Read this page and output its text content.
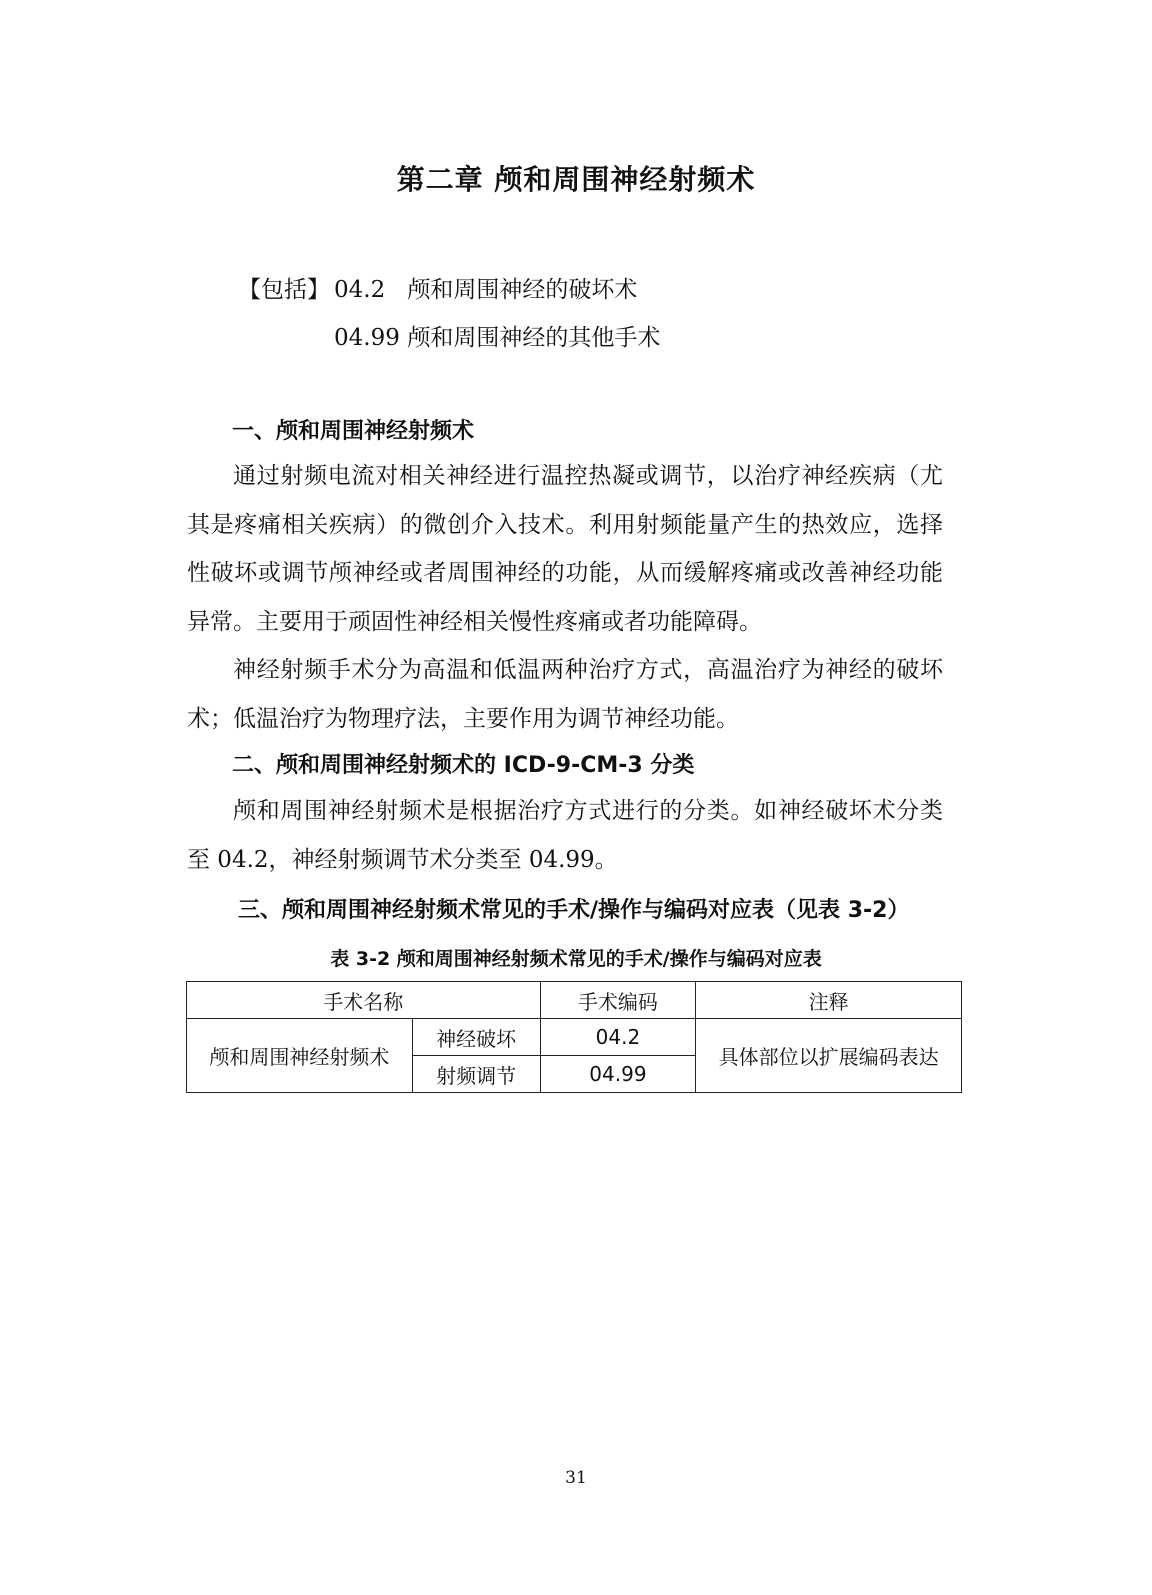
第二章 颅和周围神经射频术
【包括】 04.2 颅和周围神经的破坏术
04.99 颅和周围神经的其他手术
一、颅和周围神经射频术
通过射频电流对相关神经进行温控热凝或调节，以治疗神经疾病（尤其是疼痛相关疾病）的微创介入技术。利用射频能量产生的热效应，选择性破坏或调节颅神经或者周围神经的功能，从而缓解疼痛或改善神经功能异常。主要用于顽固性神经相关慢性疼痛或者功能障碍。
神经射频手术分为高温和低温两种治疗方式，高温治疗为神经的破坏术；低温治疗为物理疗法，主要作用为调节神经功能。
二、颅和周围神经射频术的 ICD-9-CM-3 分类
颅和周围神经射频术是根据治疗方式进行的分类。如神经破坏术分类至 04.2，神经射频调节术分类至 04.99。
三、颅和周围神经射频术常见的手术/操作与编码对应表（见表 3-2）
表 3-2 颅和周围神经射频术常见的手术/操作与编码对应表
手术名称		手术编码	注释
颅和周围神经射频术	神经破坏	04.2	具体部位以扩展编码表达
	射频调节	04.99	
31
